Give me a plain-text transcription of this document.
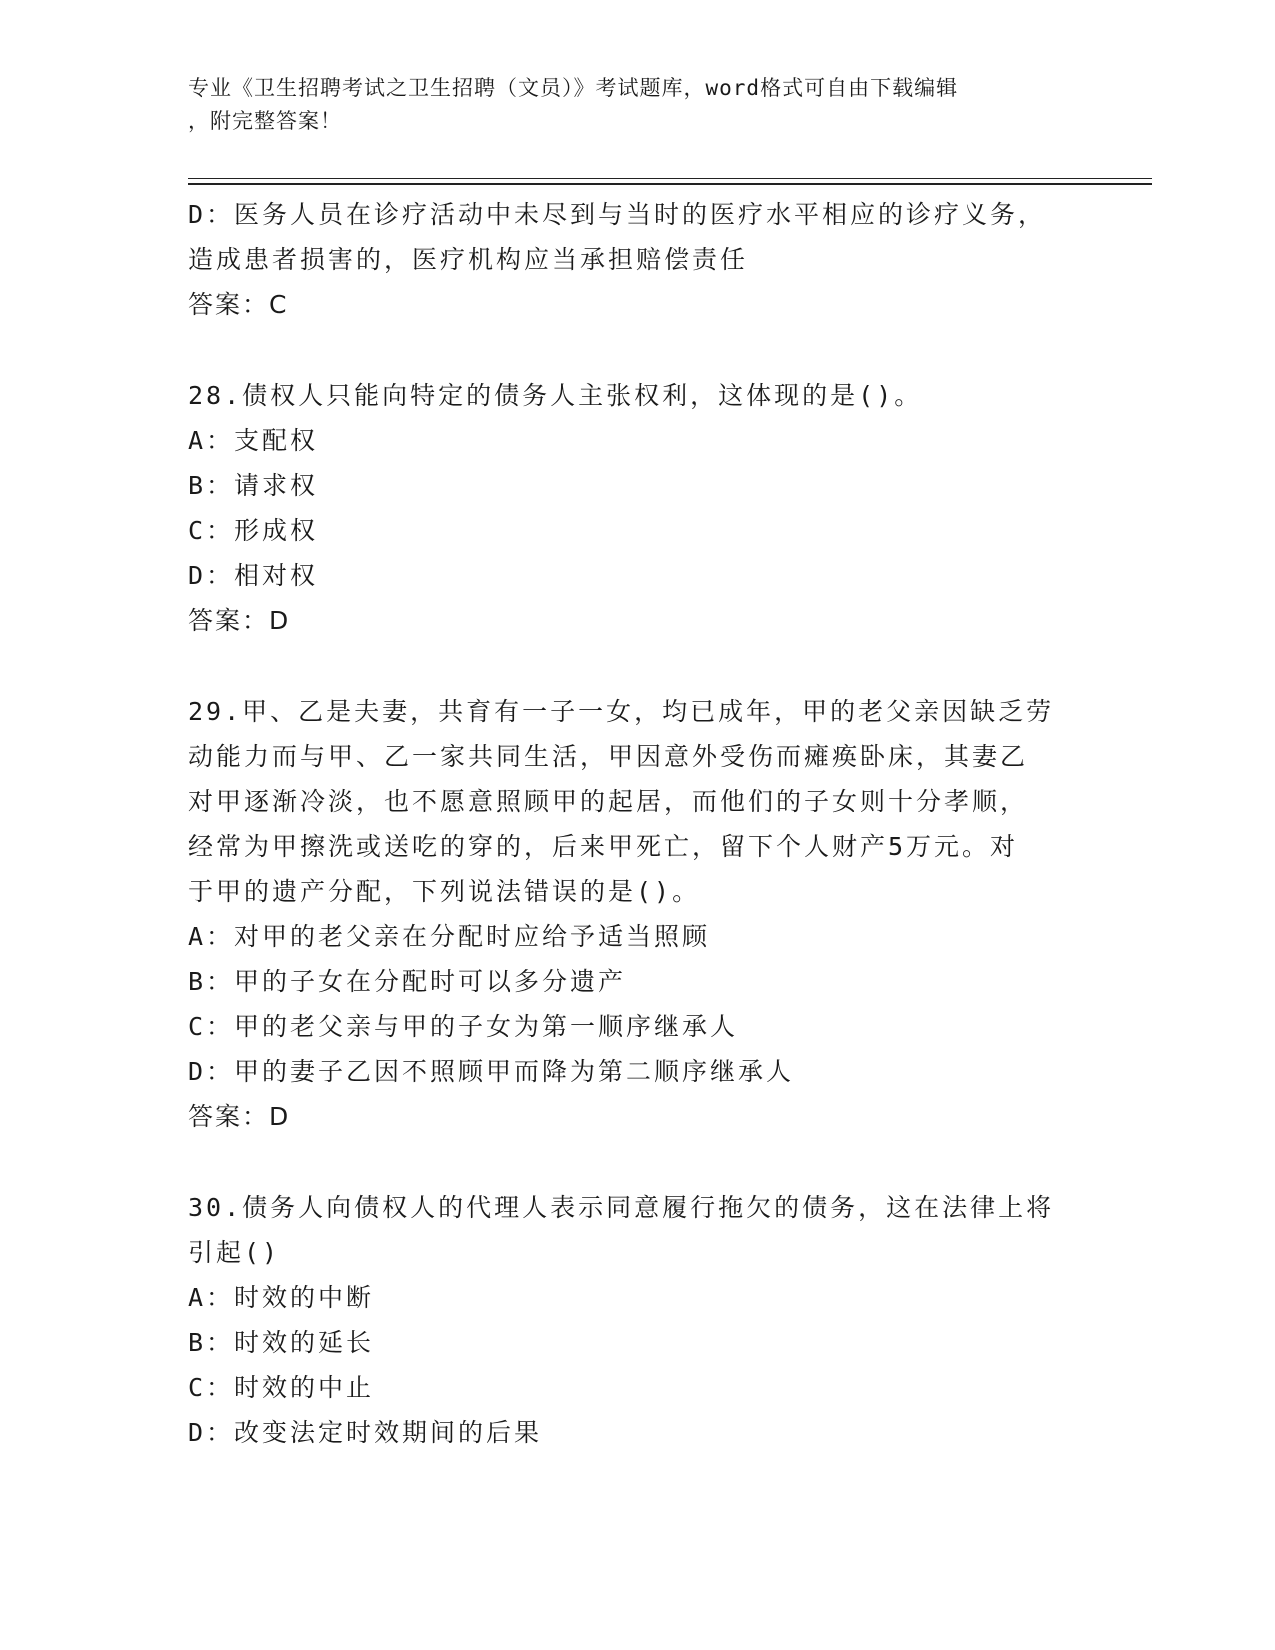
专业《卫生招聘考试之卫生招聘（文员）》考试题库，word格式可自由下载编辑
，附完整答案！
D：医务人员在诊疗活动中未尽到与当时的医疗水平相应的诊疗义务，
造成患者损害的，医疗机构应当承担赔偿责任
答案：C
28.债权人只能向特定的债务人主张权利，这体现的是()。
A：支配权
B：请求权
C：形成权
D：相对权
答案：D
29.甲、乙是夫妻，共育有一子一女，均已成年，甲的老父亲因缺乏劳
动能力而与甲、乙一家共同生活，甲因意外受伤而瘫痪卧床，其妻乙
对甲逐渐冷淡，也不愿意照顾甲的起居，而他们的子女则十分孝顺，
经常为甲擦洗或送吃的穿的，后来甲死亡，留下个人财产5万元。对
于甲的遗产分配，下列说法错误的是()。
A：对甲的老父亲在分配时应给予适当照顾
B：甲的子女在分配时可以多分遗产
C：甲的老父亲与甲的子女为第一顺序继承人
D：甲的妻子乙因不照顾甲而降为第二顺序继承人
答案：D
30.债务人向债权人的代理人表示同意履行拖欠的债务，这在法律上将
引起()
A：时效的中断
B：时效的延长
C：时效的中止
D：改变法定时效期间的后果
